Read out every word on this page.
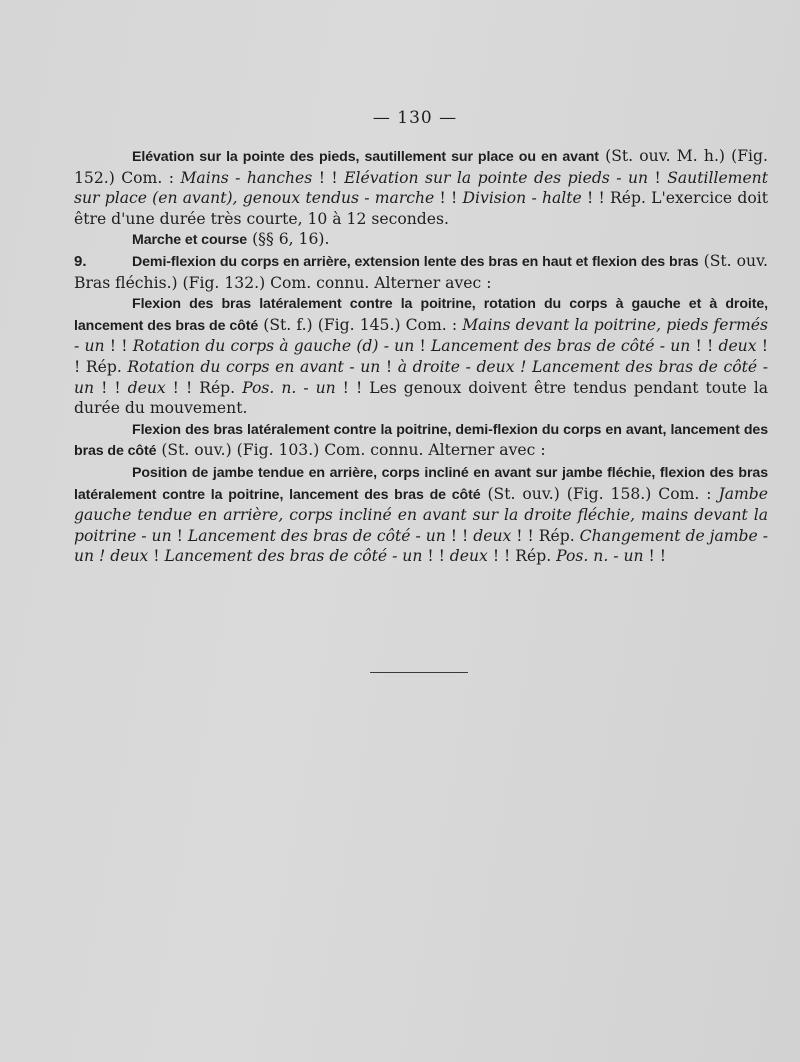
— 130 —

Elévation sur la pointe des pieds, sautillement sur place ou en avant (St. ouv. M. h.) (Fig. 152.) Com. : Mains - hanches ! ! Elévation sur la pointe des pieds - un ! Sautillement sur place (en avant), genoux tendus - marche ! ! Division - halte ! ! Rép. L'exercice doit être d'une durée très courte, 10 à 12 secondes.

Marche et course (§§ 6, 16).

9.	Demi-flexion du corps en arrière, extension lente des bras en haut et flexion des bras (St. ouv. Bras fléchis.) (Fig. 132.) Com. connu. Alterner avec :

Flexion des bras latéralement contre la poitrine, rotation du corps à gauche et à droite, lancement des bras de côté (St. f.) (Fig. 145.) Com. : Mains devant la poitrine, pieds fermés - un ! ! Rotation du corps à gauche (d) - un ! Lancement des bras de côté - un ! ! deux ! ! Rép. Rotation du corps en avant - un ! à droite - deux ! Lancement des bras de côté - un ! ! deux ! ! Rép. Pos. n. - un ! ! Les genoux doivent être tendus pendant toute la durée du mouvement.

Flexion des bras latéralement contre la poitrine, demi-flexion du corps en avant, lancement des bras de côté (St. ouv.) (Fig. 103.) Com. connu. Alterner avec :

Position de jambe tendue en arrière, corps incliné en avant sur jambe fléchie, flexion des bras latéralement contre la poitrine, lancement des bras de côté (St. ouv.) (Fig. 158.) Com. : Jambe gauche tendue en arrière, corps incliné en avant sur la droite fléchie, mains devant la poitrine - un ! Lancement des bras de côté - un ! ! deux ! ! Rép. Changement de jambe - un ! deux ! Lancement des bras de côté - un ! ! deux ! ! Rép. Pos. n. - un ! !
